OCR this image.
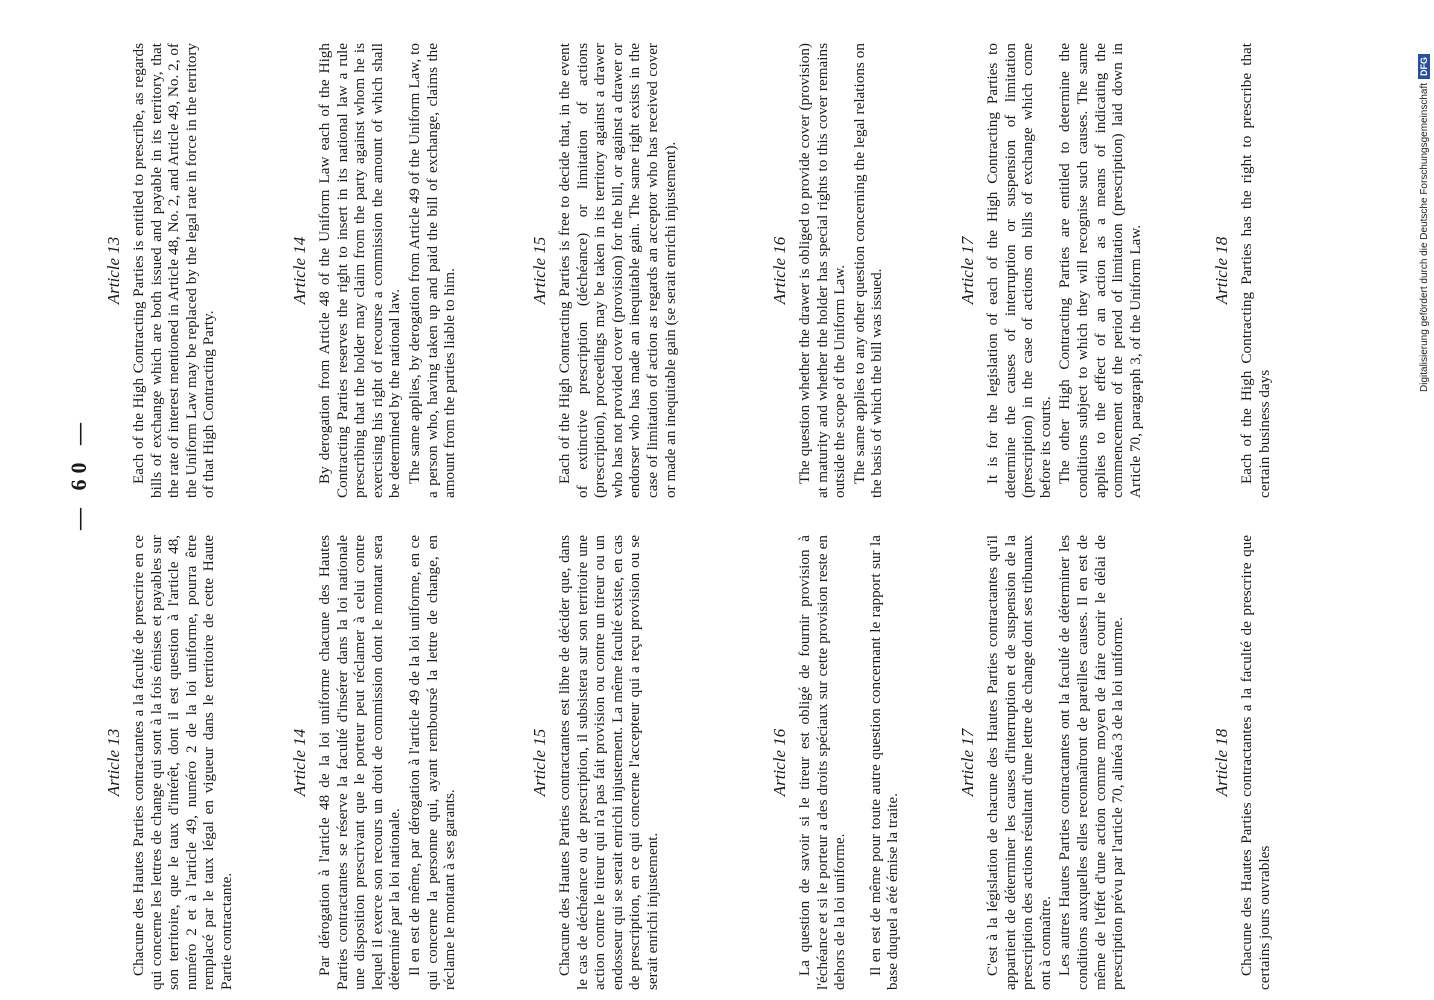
— 60 —
Article 13 Chacune des Hautes Parties contractantes a la faculté de prescrire en ce qui concerne les lettres de change qui sont à la fois émises et payables sur son territoire, que le taux d'intérêt, dont il est question à l'article 48, numéro 2 et à l'article 49, numéro 2 de la loi uniforme, pourra être remplacé par le taux légal en vigueur dans le territoire de cette Haute Partie contractante.

Article 14 Par dérogation à l'article 48 de la loi uniforme chacune des Hautes Parties contractantes se réserve la faculté d'insérer dans la loi nationale une disposition prescrivant que le porteur peut réclamer à celui contre lequel il exerce son recours un droit de commission dont le montant sera déterminé par la loi nationale. Il en est de même, par dérogation à l'article 49 de la loi uniforme, en ce qui concerne la personne qui, ayant remboursé la lettre de change, en réclame le montant à ses garants.

Article 15 Chacune des Hautes Parties contractantes est libre de décider que, dans le cas de déchéance ou de prescription, il subsistera sur son territoire une action contre le tireur qui n'a pas fait provision ou contre un tireur ou un endosseur qui se serait enrichi injustement. La même faculté existe, en cas de prescription, en ce qui concerne l'accepteur qui a reçu provision ou se serait enrichi injustement.

Article 16 La question de savoir si le tireur est obligé de fournir provision à l'échéance et si le porteur a des droits spéciaux sur cette provision reste en dehors de la loi uniforme. Il en est de même pour toute autre question concernant le rapport sur la base duquel a été émise la traite.

Article 17 C'est à la législation de chacune des Hautes Parties contractantes qu'il appartient de déterminer les causes d'interruption et de suspension de la prescription des actions résultant d'une lettre de change dont ses tribunaux ont à connaître. Les autres Hautes Parties contractantes ont la faculté de déterminer les conditions auxquelles elles reconnaîtront de pareilles causes. Il en est de même de l'effet d'une action comme moyen de faire courir le délai de prescription prévu par l'article 70, alinéa 3 de la loi uniforme.	Article 18 Chacune des Hautes Parties contractantes a la faculté de prescrire que certains jours ouvrables

Article 13 Each of the High Contracting Parties is entitled to prescribe, as regards bills of exchange which are both issued and payable in its territory, that the rate of interest mentioned in Article 48, No. 2, and Article 49, No. 2, of the Uniform Law may be replaced by the legal rate in force in the territory of that High Contracting Party.

Article 14 By derogation from Article 48 of the Uniform Law each of the High Contracting Parties reserves the right to insert in its national law a rule prescribing that the holder may claim from the party against whom he is exercising his right of recourse a commission the amount of which shall be determined by the national law. The same applies, by derogation from Article 49 of the Uniform Law, to a person who, having taken up and paid the bill of exchange, claims the amount from the parties liable to him.	Article 15 Each of the High Contracting Parties is free to decide that, in the event of extinctive prescription (déchéance) or limitation of actions (prescription), proceedings may be taken in its territory against a drawer who has not provided cover (provision) for the bill, or against a drawer or endorser who has made an inequitable gain. The same right exists in the case of limitation of action as regards an acceptor who has received cover or made an inequitable gain (se serait enrichi injustement).	Article 16 The question whether the drawer is obliged to provide cover (provision) at maturity and whether the holder has special rights to this cover remains outside the scope of the Uniform Law. The same applies to any other question concerning the legal relations on the basis of which the bill was issued.	Article 17 It is for the legislation of each of the High Contracting Parties to determine the causes of interruption or suspension of limitation (prescription) in the case of actions on bills of exchange which come before its courts. The other High Contracting Parties are entitled to determine the conditions subject to which they will recognise such causes. The same applies to the effect of an action as a means of indicating the commencement of the period of limitation (prescription) laid down in Article 70, paragraph 3, of the Uniform Law.	Article 18 Each of the High Contracting Parties has the right to prescribe that certain business days

Digitalisierung gefördert durch die Deutsche ForschungsgemeinschaftDFG
